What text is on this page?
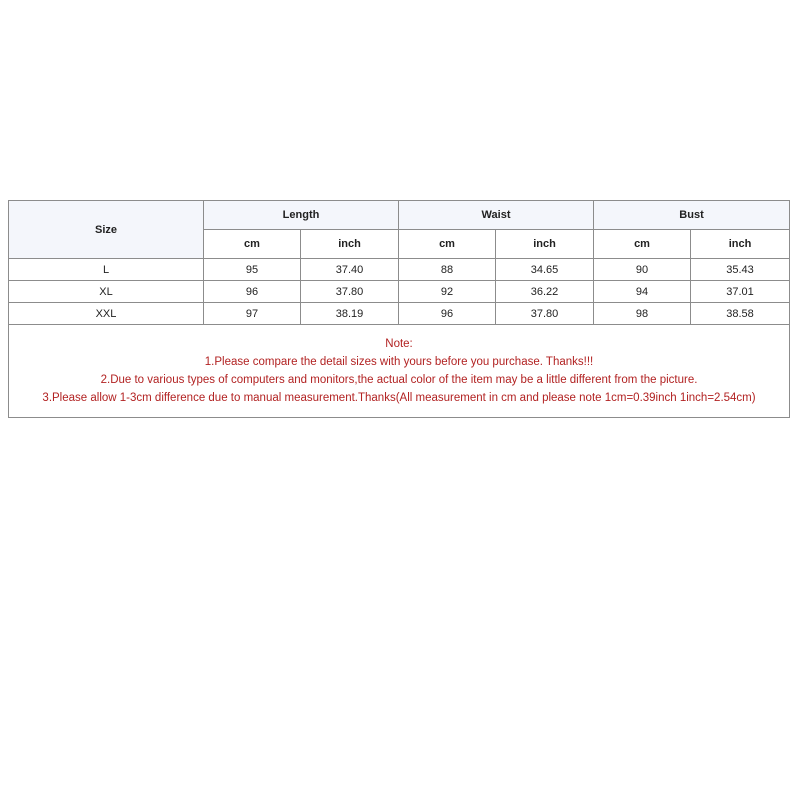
Size	Length		Waist		Bust	
	cm	inch	cm	inch	cm	inch
L	95	37.40	88	34.65	90	35.43
XL	96	37.80	92	36.22	94	37.01
XXL	97	38.19	96	37.80	98	38.58

Note:
1.Please compare the detail sizes with yours before you purchase. Thanks!!!
2.Due to various types of computers and monitors,the actual color of the item may be a little different from the picture.
3.Please allow 1-3cm difference due to manual measurement.Thanks(All measurement in cm and please note 1cm=0.39inch 1inch=2.54cm)						
